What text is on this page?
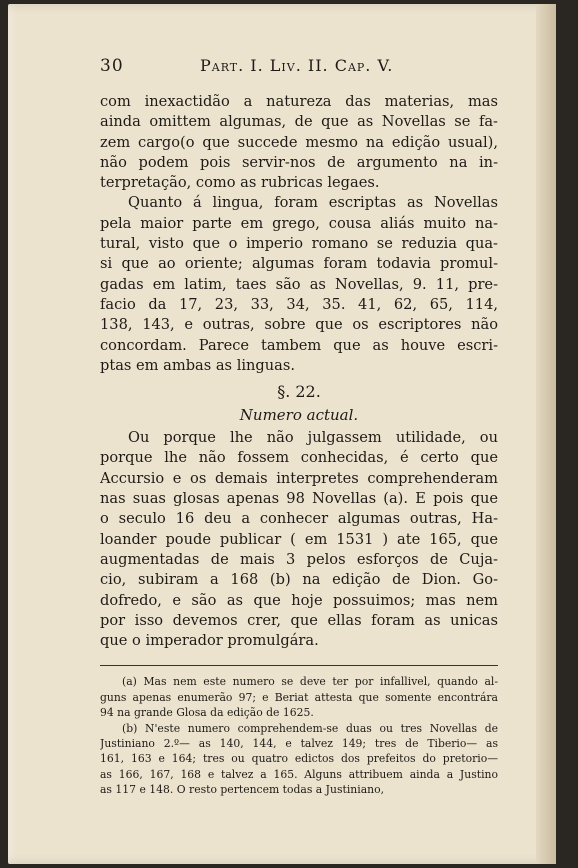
30	Part. I. Liv. II. Cap. V.
com inexactidão a natureza das materias, mas
ainda omittem algumas, de que as Novellas se fa-
zem cargo(o que succede mesmo na edição usual),
não podem pois servir-nos de argumento na in-
terpretação, como as rubricas legaes.
Quanto á lingua, foram escriptas as Novellas
pela maior parte em grego, cousa aliás muito na-
tural, visto que o imperio romano se reduzia qua-
si que ao oriente; algumas foram todavia promul-
gadas em latim, taes são as Novellas, 9. 11, pre-
facio da 17, 23, 33, 34, 35. 41, 62, 65, 114,
138, 143, e outras, sobre que os escriptores não
concordam. Parece tambem que as houve escri-
ptas em ambas as linguas.
§. 22.
Numero actual.
Ou porque lhe não julgassem utilidade, ou
porque lhe não fossem conhecidas, é certo que
Accursio e os demais interpretes comprehenderam
nas suas glosas apenas 98 Novellas (a). E pois que
o seculo 16 deu a conhecer algumas outras, Ha-
loander poude publicar ( em 1531 ) ate 165, que
augmentadas de mais 3 pelos esforços de Cuja-
cio, subiram a 168 (b) na edição de Dion. Go-
dofredo, e são as que hoje possuimos; mas nem
por isso devemos crer, que ellas foram as unicas
que o imperador promulgára.
(a) Mas nem este numero se deve ter por infallivel, quando al-
guns apenas enumerão 97; e Beriat attesta que somente encontrára
94 na grande Glosa da edição de 1625.
(b) N'este numero comprehendem-se duas ou tres Novellas de
Justiniano 2.º— as 140, 144, e talvez 149; tres de Tiberio— as
161, 163 e 164; tres ou quatro edictos dos prefeitos do pretorio—
as 166, 167, 168 e talvez a 165. Alguns attribuem ainda a Justino
as 117 e 148. O resto pertencem todas a Justiniano,
